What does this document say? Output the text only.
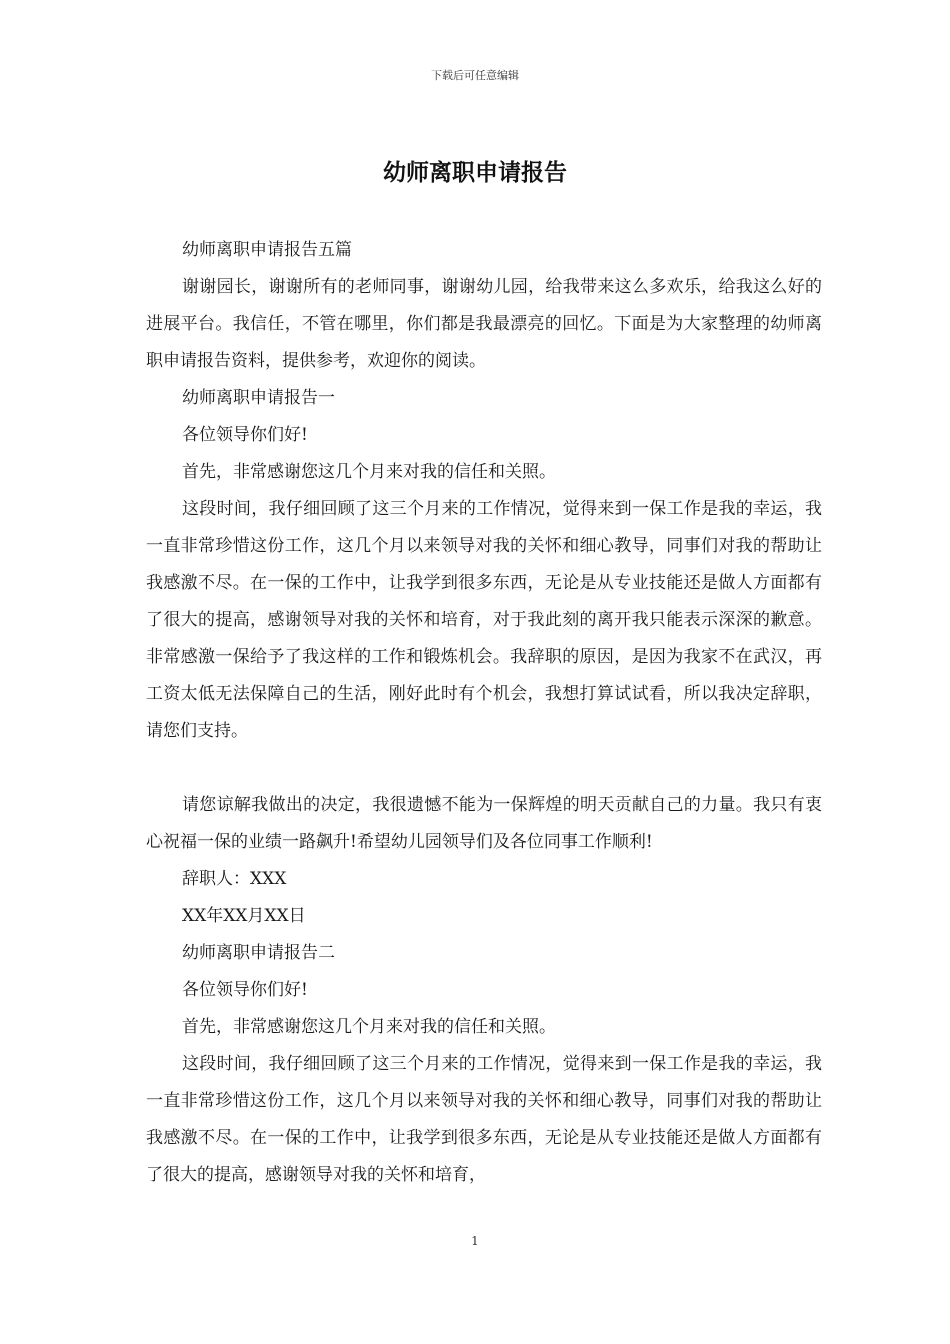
下载后可任意编辑
幼师离职申请报告

幼师离职申请报告五篇

谢谢园长，谢谢所有的老师同事，谢谢幼儿园，给我带来这么多欢乐，给我这么好的进展平台。我信任，不管在哪里，你们都是我最漂亮的回忆。下面是为大家整理的幼师离职申请报告资料，提供参考，欢迎你的阅读。

幼师离职申请报告一

各位领导你们好!

首先，非常感谢您这几个月来对我的信任和关照。

这段时间，我仔细回顾了这三个月来的工作情况，觉得来到一保工作是我的幸运，我一直非常珍惜这份工作，这几个月以来领导对我的关怀和细心教导，同事们对我的帮助让我感激不尽。在一保的工作中，让我学到很多东西，无论是从专业技能还是做人方面都有了很大的提高，感谢领导对我的关怀和培育，对于我此刻的离开我只能表示深深的歉意。非常感激一保给予了我这样的工作和锻炼机会。我辞职的原因，是因为我家不在武汉，再工资太低无法保障自己的生活，刚好此时有个机会，我想打算试试看，所以我决定辞职，请您们支持。

请您谅解我做出的决定，我很遗憾不能为一保辉煌的明天贡献自己的力量。我只有衷心祝福一保的业绩一路飙升!希望幼儿园领导们及各位同事工作顺利!

辞职人：XXX

XX年XX月XX日

幼师离职申请报告二

各位领导你们好!

首先，非常感谢您这几个月来对我的信任和关照。

这段时间，我仔细回顾了这三个月来的工作情况，觉得来到一保工作是我的幸运，我一直非常珍惜这份工作，这几个月以来领导对我的关怀和细心教导，同事们对我的帮助让我感激不尽。在一保的工作中，让我学到很多东西，无论是从专业技能还是做人方面都有了很大的提高，感谢领导对我的关怀和培育，

1
